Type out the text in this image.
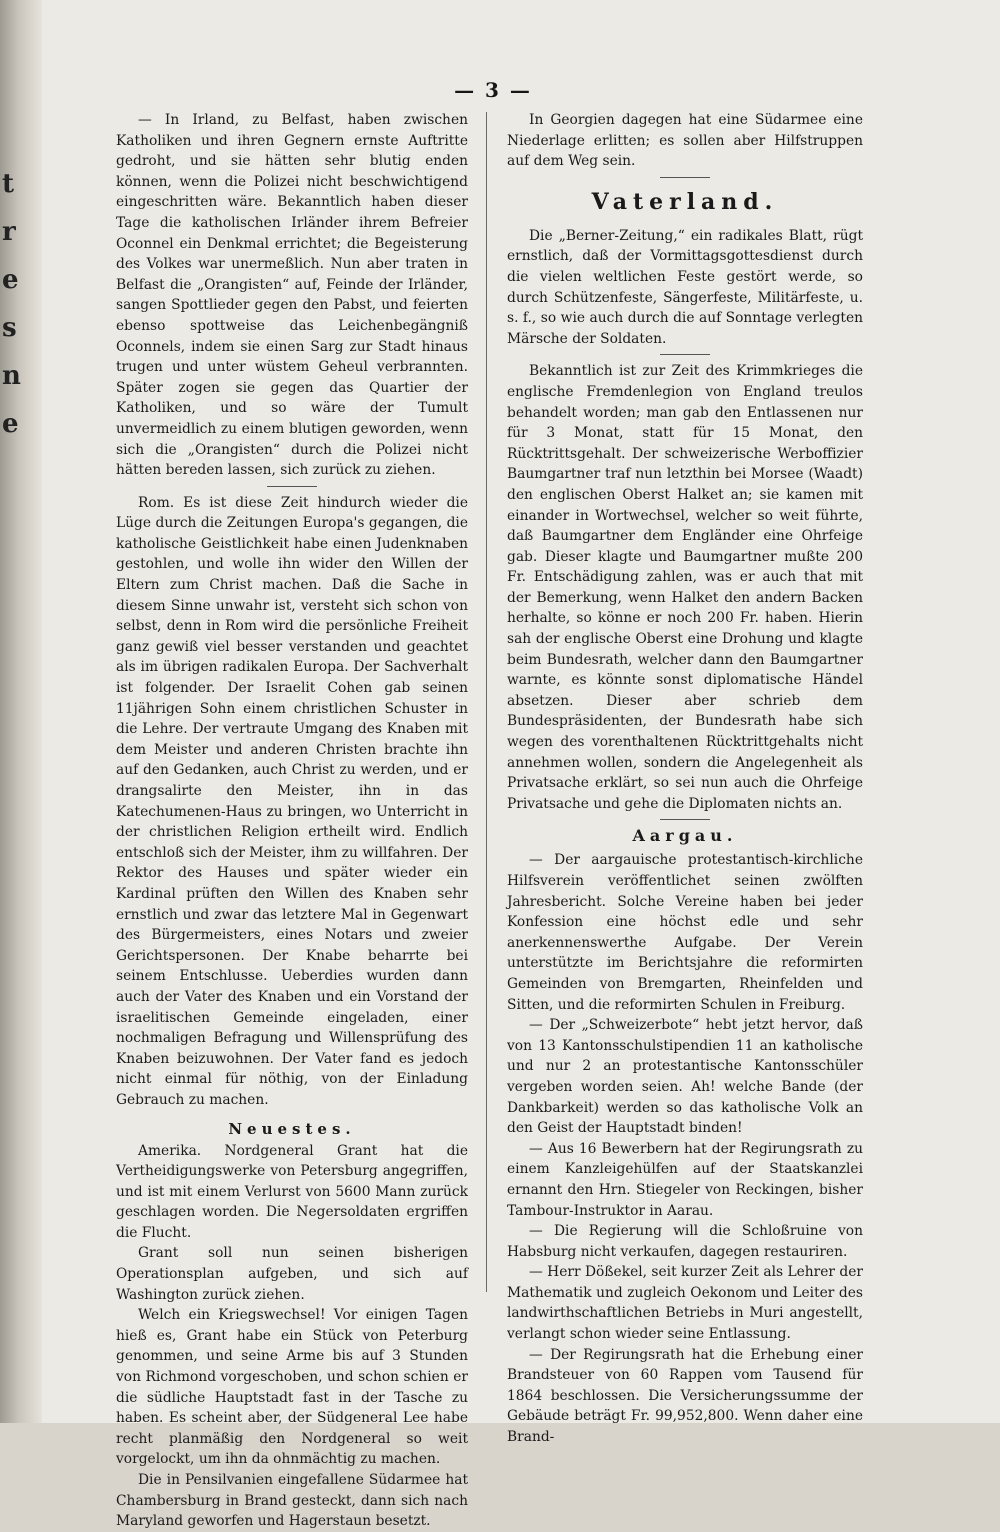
t
r
e
s
n
e
— 3 —

— In Irland, zu Belfast, haben zwischen Katholiken und ihren Gegnern ernste Auftritte gedroht, und sie hätten sehr blutig enden können, wenn die Polizei nicht beschwichtigend eingeschritten wäre. Bekanntlich haben dieser Tage die katholischen Irländer ihrem Befreier Oconnel ein Denkmal errichtet; die Begeisterung des Volkes war unermeßlich. Nun aber traten in Belfast die „Orangisten“ auf, Feinde der Irländer, sangen Spottlieder gegen den Pabst, und feierten ebenso spottweise das Leichenbegängniß Oconnels, indem sie einen Sarg zur Stadt hinaus trugen und unter wüstem Geheul verbrannten. Später zogen sie gegen das Quartier der Katholiken, und so wäre der Tumult unvermeidlich zu einem blutigen geworden, wenn sich die „Orangisten“ durch die Polizei nicht hätten bereden lassen, sich zurück zu ziehen.

Rom. Es ist diese Zeit hindurch wieder die Lüge durch die Zeitungen Europa's gegangen, die katholische Geistlichkeit habe einen Judenknaben gestohlen, und wolle ihn wider den Willen der Eltern zum Christ machen. Daß die Sache in diesem Sinne unwahr ist, versteht sich schon von selbst, denn in Rom wird die persönliche Freiheit ganz gewiß viel besser verstanden und geachtet als im übrigen radikalen Europa. Der Sachverhalt ist folgender. Der Israelit Cohen gab seinen 11jährigen Sohn einem christlichen Schuster in die Lehre. Der vertraute Umgang des Knaben mit dem Meister und anderen Christen brachte ihn auf den Gedanken, auch Christ zu werden, und er drangsalirte den Meister, ihn in das Katechumenen-Haus zu bringen, wo Unterricht in der christlichen Religion ertheilt wird. Endlich entschloß sich der Meister, ihm zu willfahren. Der Rektor des Hauses und später wieder ein Kardinal prüften den Willen des Knaben sehr ernstlich und zwar das letztere Mal in Gegenwart des Bürgermeisters, eines Notars und zweier Gerichtspersonen. Der Knabe beharrte bei seinem Entschlusse. Ueberdies wurden dann auch der Vater des Knaben und ein Vorstand der israelitischen Gemeinde eingeladen, einer nochmaligen Befragung und Willensprüfung des Knaben beizuwohnen. Der Vater fand es jedoch nicht einmal für nöthig, von der Einladung Gebrauch zu machen.

Neuestes.

Amerika. Nordgeneral Grant hat die Vertheidigungswerke von Petersburg angegriffen, und ist mit einem Verlurst von 5600 Mann zurück geschlagen worden. Die Negersoldaten ergriffen die Flucht.

Grant soll nun seinen bisherigen Operationsplan aufgeben, und sich auf Washington zurück ziehen.

Welch ein Kriegswechsel! Vor einigen Tagen hieß es, Grant habe ein Stück von Peterburg genommen, und seine Arme bis auf 3 Stunden von Richmond vorgeschoben, und schon schien er die südliche Hauptstadt fast in der Tasche zu haben. Es scheint aber, der Südgeneral Lee habe recht planmäßig den Nordgeneral so weit vorgelockt, um ihn da ohnmächtig zu machen.

Die in Pensilvanien eingefallene Südarmee hat Chambersburg in Brand gesteckt, dann sich nach Maryland geworfen und Hagerstaun besetzt.

In Georgien dagegen hat eine Südarmee eine Niederlage erlitten; es sollen aber Hilfstruppen auf dem Weg sein.

Vaterland.

Die „Berner-Zeitung,“ ein radikales Blatt, rügt ernstlich, daß der Vormittagsgottesdienst durch die vielen weltlichen Feste gestört werde, so durch Schützenfeste, Sängerfeste, Militärfeste, u. s. f., so wie auch durch die auf Sonntage verlegten Märsche der Soldaten.

Bekanntlich ist zur Zeit des Krimmkrieges die englische Fremdenlegion von England treulos behandelt worden; man gab den Entlassenen nur für 3 Monat, statt für 15 Monat, den Rücktrittsgehalt. Der schweizerische Werboffizier Baumgartner traf nun letzthin bei Morsee (Waadt) den englischen Oberst Halket an; sie kamen mit einander in Wortwechsel, welcher so weit führte, daß Baumgartner dem Engländer eine Ohrfeige gab. Dieser klagte und Baumgartner mußte 200 Fr. Entschädigung zahlen, was er auch that mit der Bemerkung, wenn Halket den andern Backen herhalte, so könne er noch 200 Fr. haben. Hierin sah der englische Oberst eine Drohung und klagte beim Bundesrath, welcher dann den Baumgartner warnte, es könnte sonst diplomatische Händel absetzen. Dieser aber schrieb dem Bundespräsidenten, der Bundesrath habe sich wegen des vorenthaltenen Rücktrittgehalts nicht annehmen wollen, sondern die Angelegenheit als Privatsache erklärt, so sei nun auch die Ohrfeige Privatsache und gehe die Diplomaten nichts an.

Aargau.

— Der aargauische protestantisch-kirchliche Hilfsverein veröffentlichet seinen zwölften Jahresbericht. Solche Vereine haben bei jeder Konfession eine höchst edle und sehr anerkennenswerthe Aufgabe. Der Verein unterstützte im Berichtsjahre die reformirten Gemeinden von Bremgarten, Rheinfelden und Sitten, und die reformirten Schulen in Freiburg.

— Der „Schweizerbote“ hebt jetzt hervor, daß von 13 Kantonsschulstipendien 11 an katholische und nur 2 an protestantische Kantonsschüler vergeben worden seien. Ah! welche Bande (der Dankbarkeit) werden so das katholische Volk an den Geist der Hauptstadt binden!

— Aus 16 Bewerbern hat der Regirungsrath zu einem Kanzleigehülfen auf der Staatskanzlei ernannt den Hrn. Stiegeler von Reckingen, bisher Tambour-Instruktor in Aarau.

— Die Regierung will die Schloßruine von Habsburg nicht verkaufen, dagegen restauriren.

— Herr Dößekel, seit kurzer Zeit als Lehrer der Mathematik und zugleich Oekonom und Leiter des landwirthschaftlichen Betriebs in Muri angestellt, verlangt schon wieder seine Entlassung.

— Der Regirungsrath hat die Erhebung einer Brandsteuer von 60 Rappen vom Tausend für 1864 beschlossen. Die Versicherungssumme der Gebäude beträgt Fr. 99,952,800. Wenn daher eine Brand-
